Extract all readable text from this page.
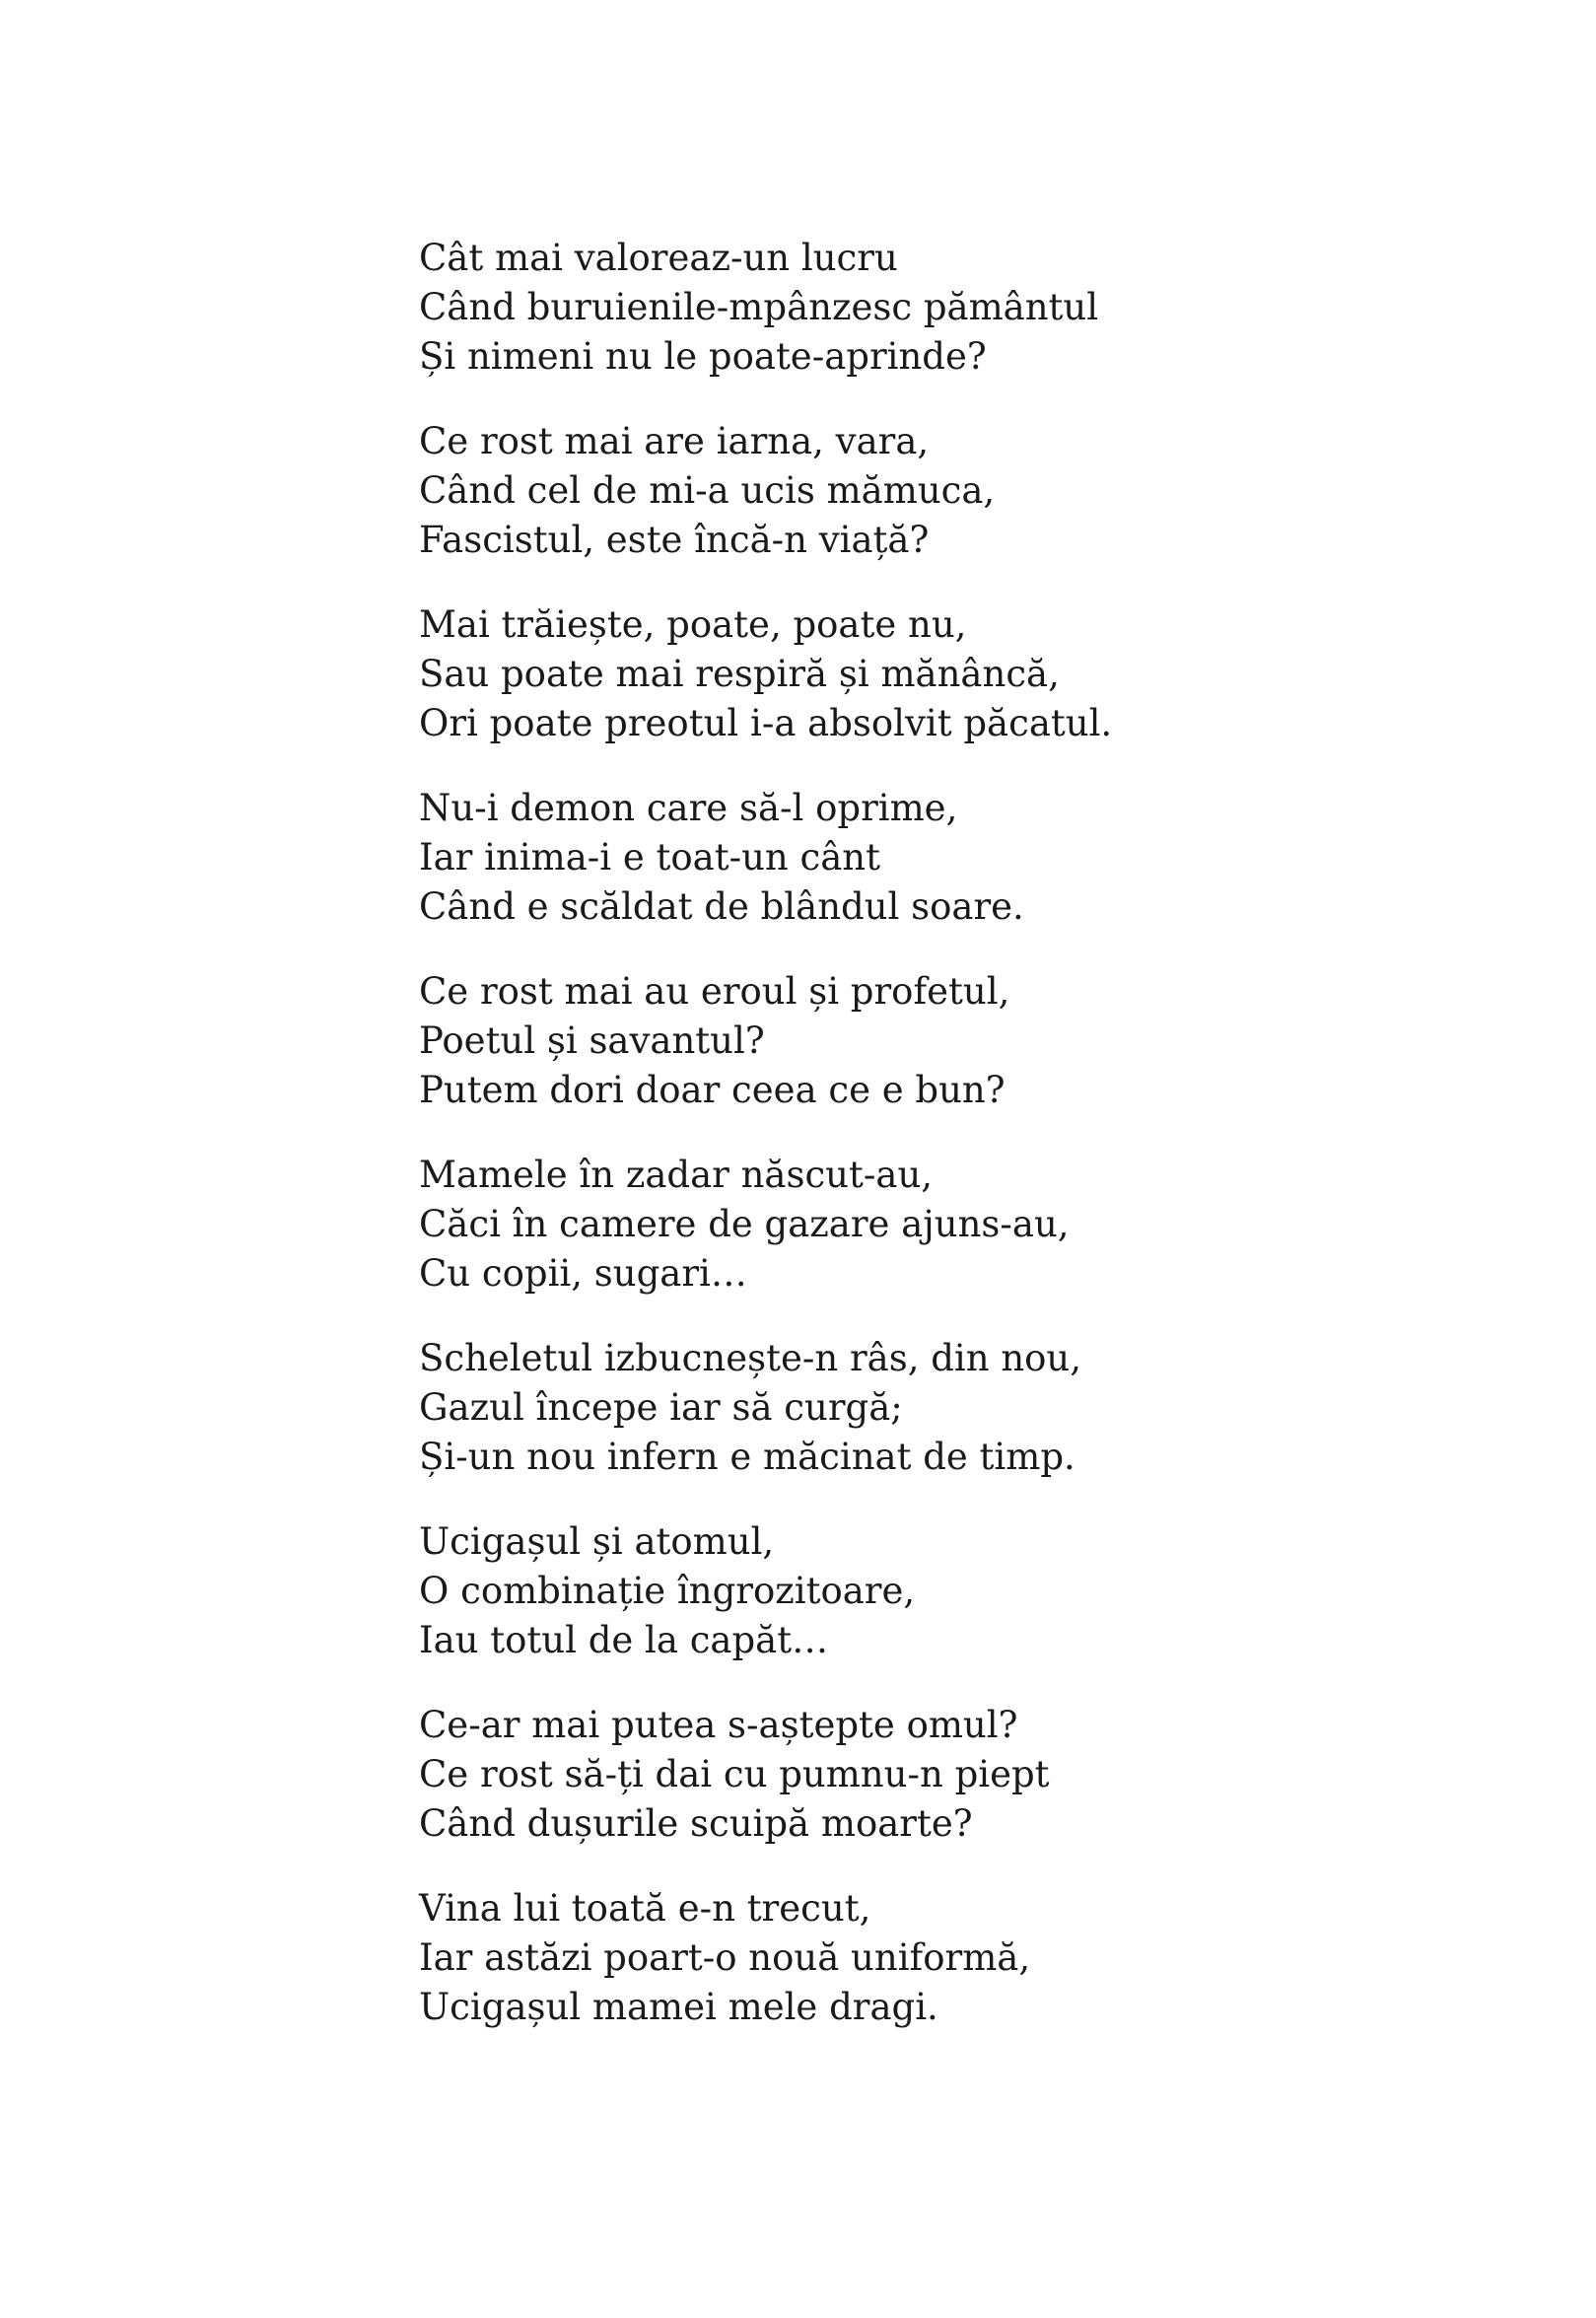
Cât mai valoreaz-un lucru
Când buruienile-mpânzesc pământul
Și nimeni nu le poate-aprinde?
Ce rost mai are iarna, vara,
Când cel de mi-a ucis mămuca,
Fascistul, este încă-n viață?
Mai trăiește, poate, poate nu,
Sau poate mai respiră și mănâncă,
Ori poate preotul i-a absolvit păcatul.
Nu-i demon care să-l oprime,
Iar inima-i e toat-un cânt
Când e scăldat de blândul soare.
Ce rost mai au eroul și profetul,
Poetul și savantul?
Putem dori doar ceea ce e bun?
Mamele în zadar născut-au,
Căci în camere de gazare ajuns-au,
Cu copii, sugari…
Scheletul izbucnește-n râs, din nou,
Gazul începe iar să curgă;
Și-un nou infern e măcinat de timp.
Ucigașul și atomul,
O combinație îngrozitoare,
Iau totul de la capăt…
Ce-ar mai putea s-aștepte omul?
Ce rost să-ți dai cu pumnu-n piept
Când dușurile scuipă moarte?
Vina lui toată e-n trecut,
Iar astăzi poart-o nouă uniformă,
Ucigașul mamei mele dragi.
